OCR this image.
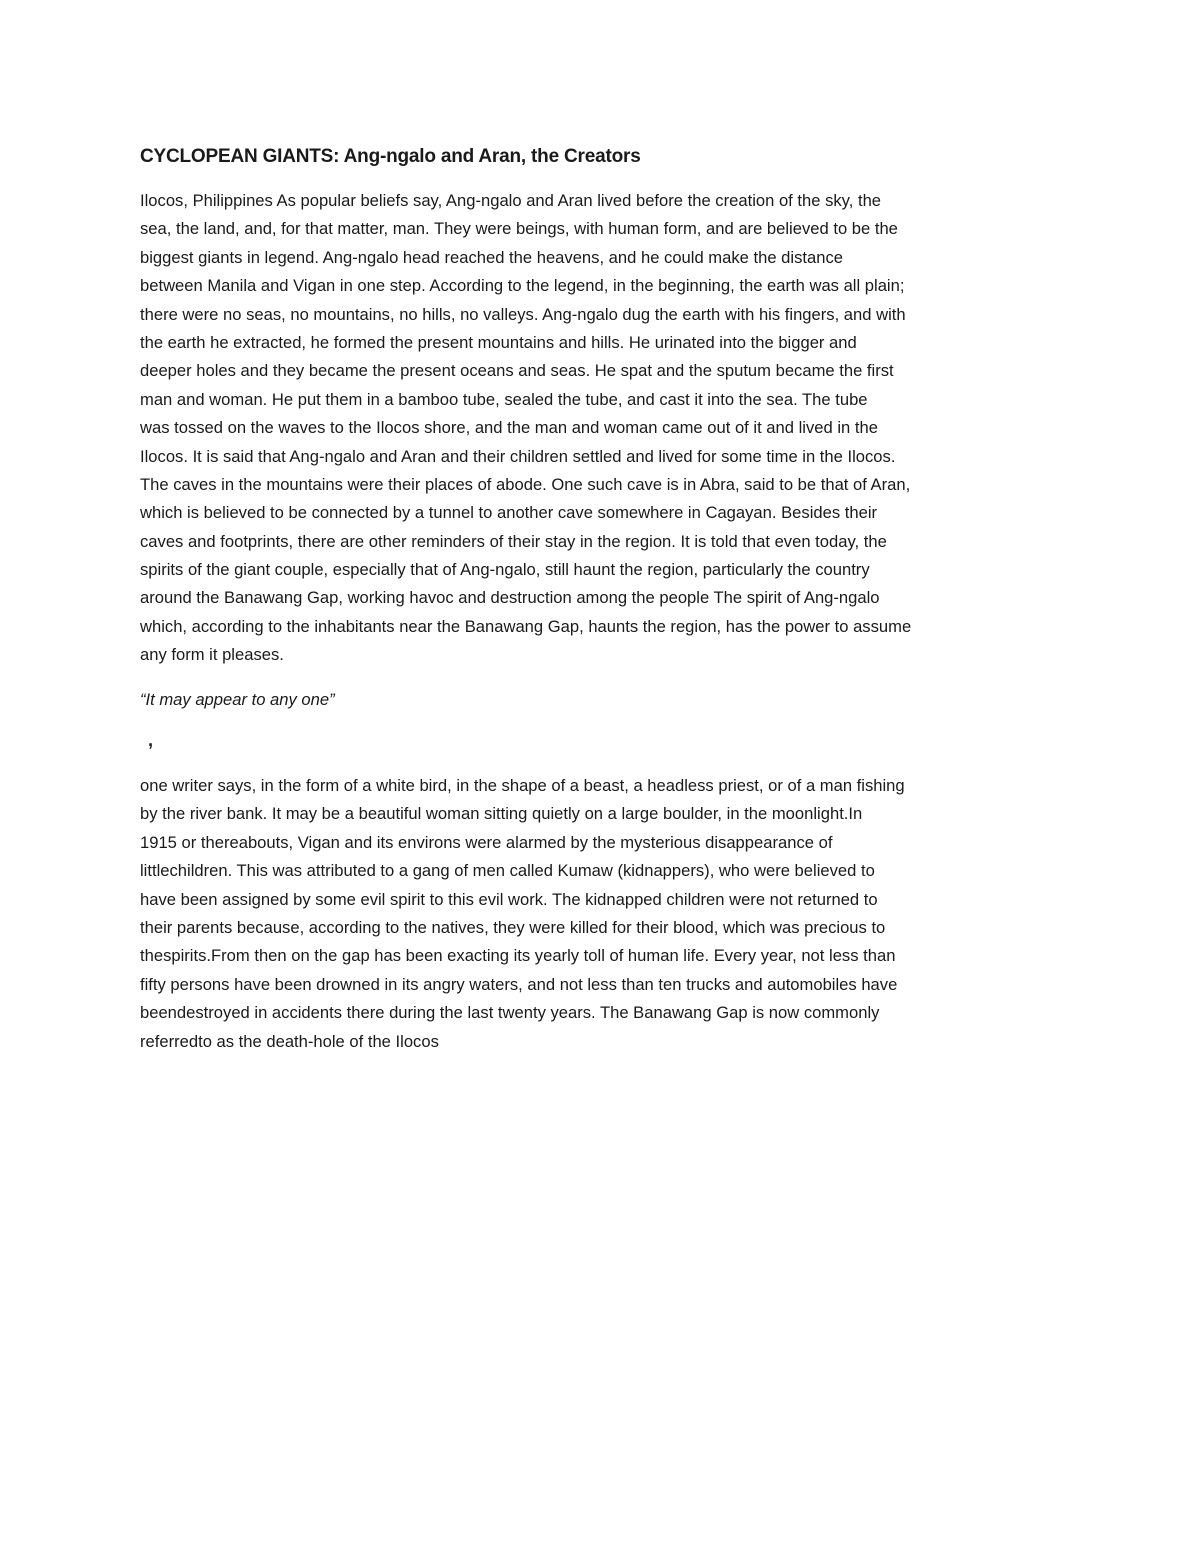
CYCLOPEAN GIANTS: Ang-ngalo and Aran, the Creators

Ilocos, Philippines As popular beliefs say, Ang-ngalo and Aran lived before the creation of the sky, the
sea, the land, and, for that matter, man. They were beings, with human form, and are believed to be the
biggest giants in legend. Ang-ngalo head reached the heavens, and he could make the distance
between Manila and Vigan in one step. According to the legend, in the beginning, the earth was all plain;
there were no seas, no mountains, no hills, no valleys. Ang-ngalo dug the earth with his fingers, and with
the earth he extracted, he formed the present mountains and hills. He urinated into the bigger and
deeper holes and they became the present oceans and seas. He spat and the sputum became the first
man and woman. He put them in a bamboo tube, sealed the tube, and cast it into the sea. The tube
was tossed on the waves to the Ilocos shore, and the man and woman came out of it and lived in the
Ilocos. It is said that Ang-ngalo and Aran and their children settled and lived for some time in the Ilocos.
The caves in the mountains were their places of abode. One such cave is in Abra, said to be that of Aran,
which is believed to be connected by a tunnel to another cave somewhere in Cagayan. Besides their
caves and footprints, there are other reminders of their stay in the region. It is told that even today, the
spirits of the giant couple, especially that of Ang-ngalo, still haunt the region, particularly the country
around the Banawang Gap, working havoc and destruction among the people The spirit of Ang-ngalo
which, according to the inhabitants near the Banawang Gap, haunts the region, has the power to assume
any form it pleases.

“It may appear to any one”

,

one writer says, in the form of a white bird, in the shape of a beast, a headless priest, or of a man fishing
by the river bank. It may be a beautiful woman sitting quietly on a large boulder, in the moonlight.In
1915 or thereabouts, Vigan and its environs were alarmed by the mysterious disappearance of
littlechildren. This was attributed to a gang of men called Kumaw (kidnappers), who were believed to
have been assigned by some evil spirit to this evil work. The kidnapped children were not returned to
their parents because, according to the natives, they were killed for their blood, which was precious to
thespirits.From then on the gap has been exacting its yearly toll of human life. Every year, not less than
fifty persons have been drowned in its angry waters, and not less than ten trucks and automobiles have
beendestroyed in accidents there during the last twenty years. The Banawang Gap is now commonly
referredto as the death-hole of the Ilocos
